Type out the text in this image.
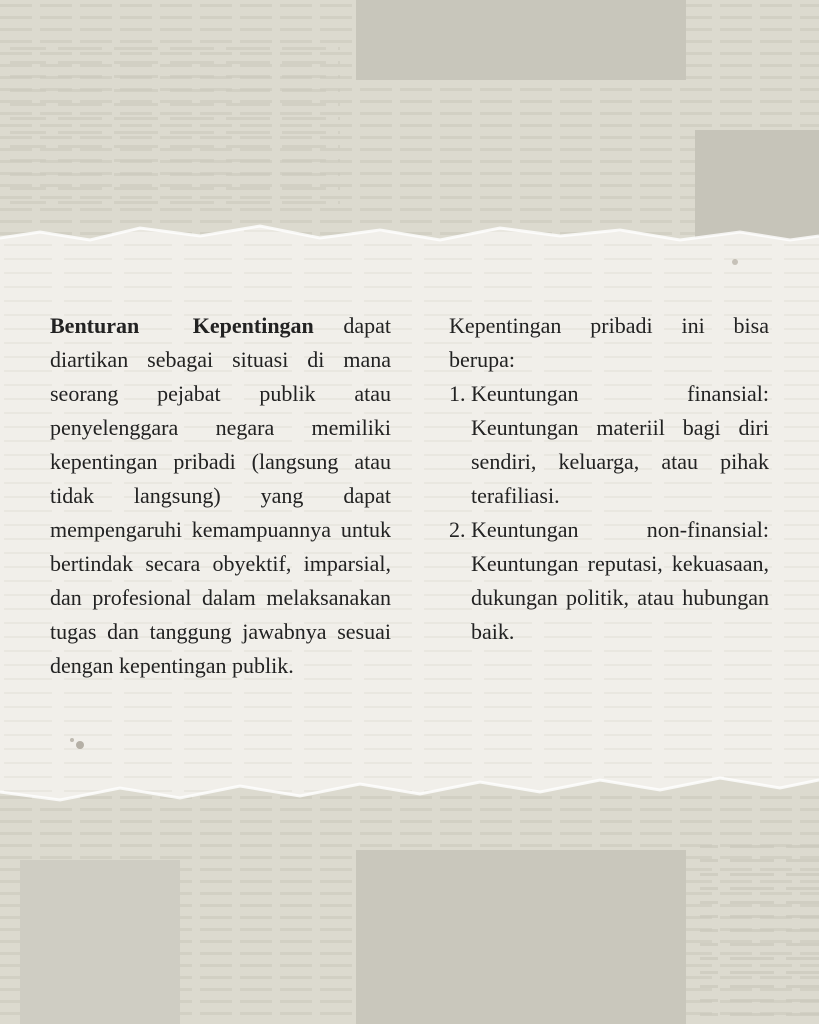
Benturan Kepentingan dapat diartikan sebagai situasi di mana seorang pejabat publik atau penyelenggara negara memiliki kepentingan pribadi (langsung atau tidak langsung) yang dapat mempengaruhi kemampuannya untuk bertindak secara obyektif, imparsial, dan profesional dalam melaksanakan tugas dan tanggung jawabnya sesuai dengan kepentingan publik.

Kepentingan pribadi ini bisa berupa:

1. Keuntungan finansial: Keuntungan materiil bagi diri sendiri, keluarga, atau pihak terafiliasi.
2. Keuntungan non-finansial: Keuntungan reputasi, kekuasaan, dukungan politik, atau hubungan baik.
